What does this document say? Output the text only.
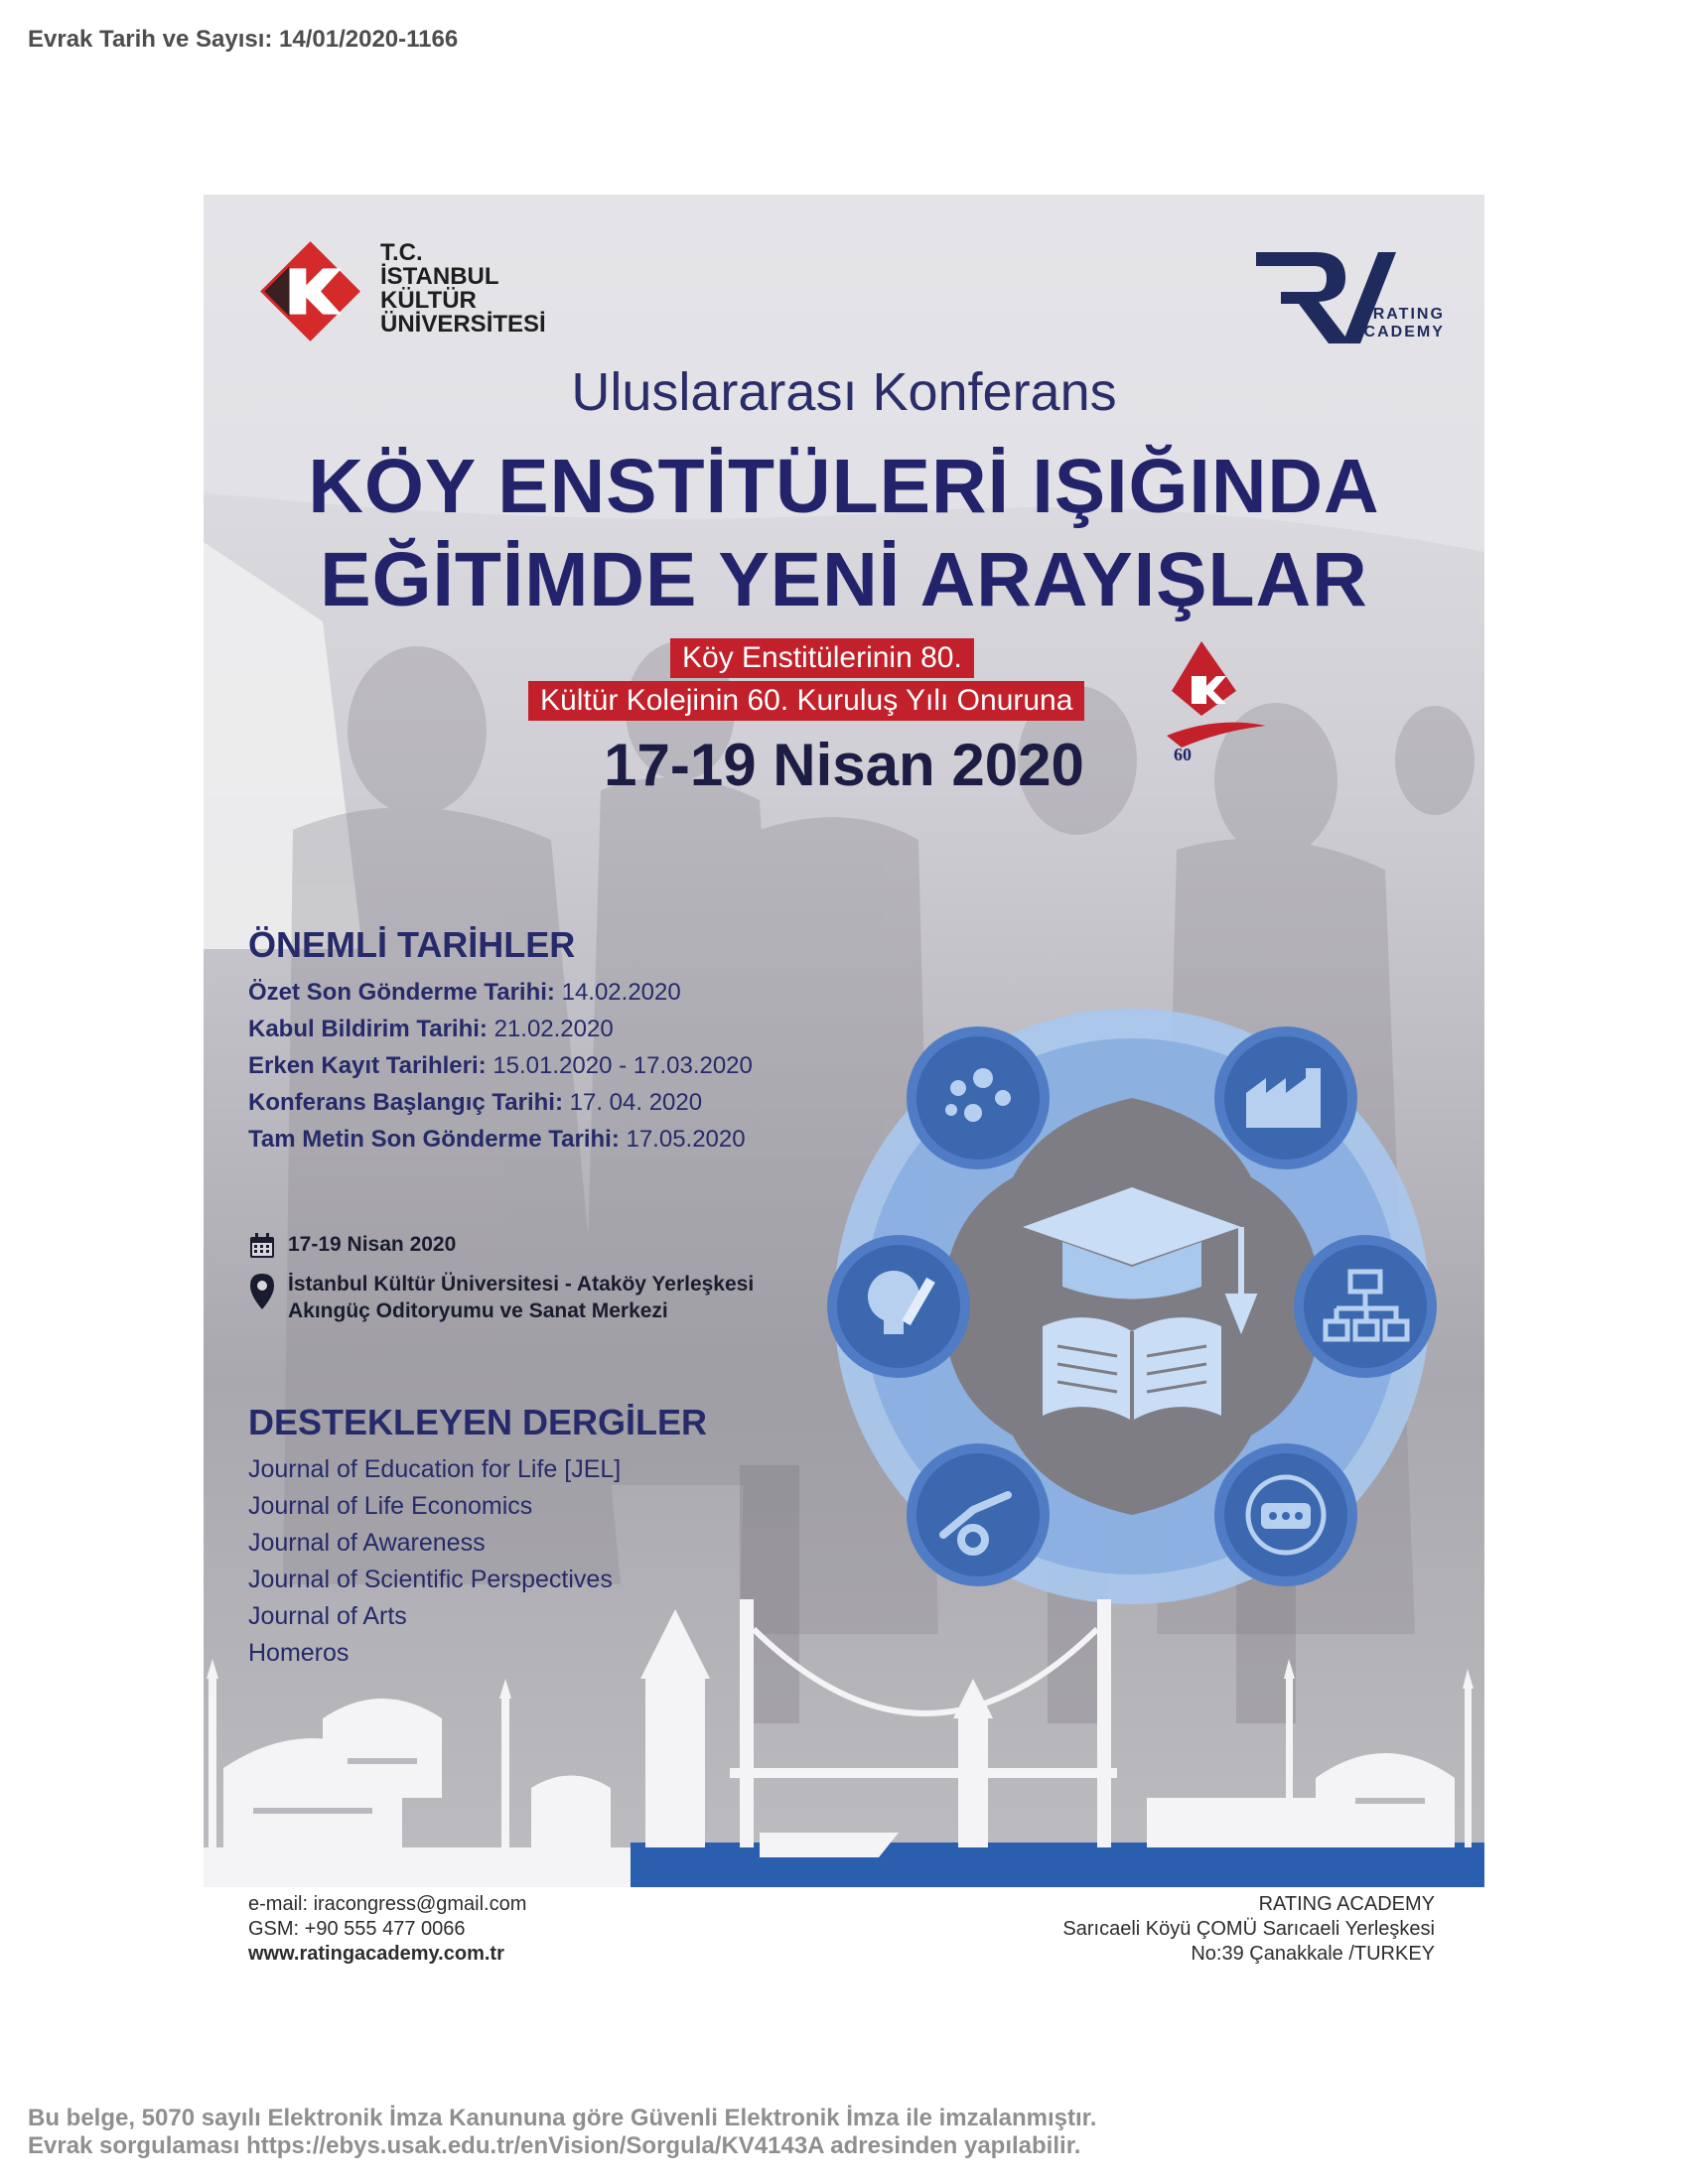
Evrak Tarih ve Sayısı: 14/01/2020-1166
T.C.
İSTANBUL
KÜLTÜR
ÜNİVERSİTESİ	RATING
ACADEMY
Uluslararası Konferans
KÖY ENSTİTÜLERİ IŞIĞINDA
EĞİTİMDE YENİ ARAYIŞLAR
Köy Enstitülerinin 80.
Kültür Kolejinin 60. Kuruluş Yılı Onuruna
60
17-19 Nisan 2020
ÖNEMLİ TARİHLER
Özet Son Gönderme Tarihi: 14.02.2020
Kabul Bildirim Tarihi: 21.02.2020
Erken Kayıt Tarihleri: 15.01.2020 - 17.03.2020
Konferans Başlangıç Tarihi: 17. 04. 2020
Tam Metin Son Gönderme Tarihi: 17.05.2020
17-19 Nisan 2020
İstanbul Kültür Üniversitesi - Ataköy Yerleşkesi
Akıngüç Oditoryumu ve Sanat Merkezi
DESTEKLEYEN DERGİLER
Journal of Education for Life [JEL]
Journal of Life Economics
Journal of Awareness
Journal of Scientific Perspectives
Journal of Arts
Homeros
e-mail: iracongress@gmail.com
GSM: +90 555 477 0066
www.ratingacademy.com.tr
RATING ACADEMY
Sarıcaeli Köyü ÇOMÜ Sarıcaeli Yerleşkesi
No:39 Çanakkale /TURKEY
Bu belge, 5070 sayılı Elektronik İmza Kanununa göre Güvenli Elektronik İmza ile imzalanmıştır.
Evrak sorgulaması https://ebys.usak.edu.tr/enVision/Sorgula/KV4143A adresinden yapılabilir.
